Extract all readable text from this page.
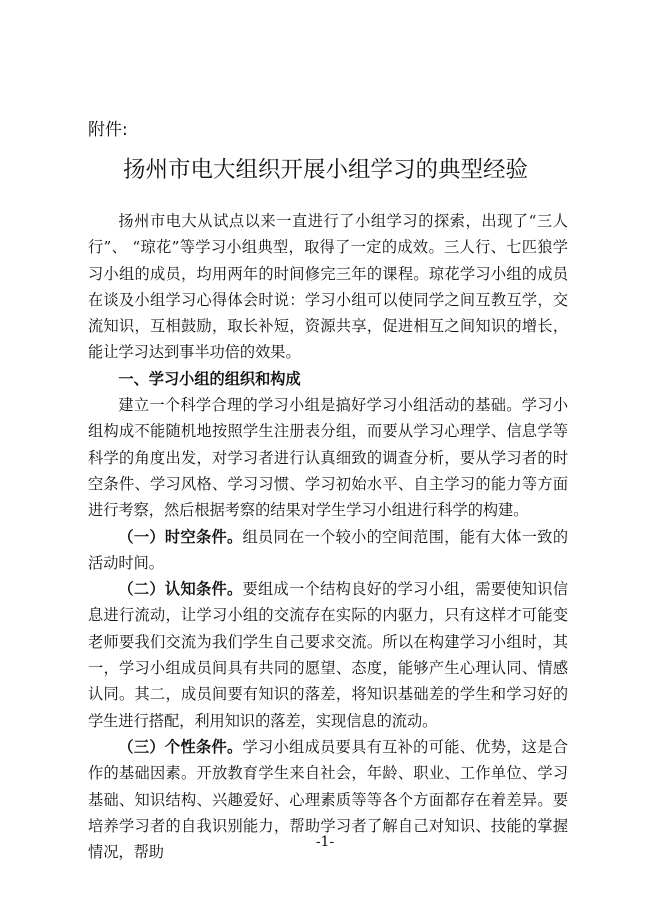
附件:
扬州市电大组织开展小组学习的典型经验

扬州市电大从试点以来一直进行了小组学习的探索，出现了“三人行”、 “琼花”等学习小组典型，取得了一定的成效。三人行、七匹狼学习小组的成员，均用两年的时间修完三年的课程。琼花学习小组的成员在谈及小组学习心得体会时说：学习小组可以使同学之间互教互学，交流知识，互相鼓励，取长补短，资源共享，促进相互之间知识的增长，能让学习达到事半功倍的效果。

一、学习小组的组织和构成

建立一个科学合理的学习小组是搞好学习小组活动的基础。学习小组构成不能随机地按照学生注册表分组，而要从学习心理学、信息学等科学的角度出发，对学习者进行认真细致的调查分析，要从学习者的时空条件、学习风格、学习习惯、学习初始水平、自主学习的能力等方面进行考察，然后根据考察的结果对学生学习小组进行科学的构建。

（一）时空条件。组员同在一个较小的空间范围，能有大体一致的活动时间。

（二）认知条件。要组成一个结构良好的学习小组，需要使知识信息进行流动，让学习小组的交流存在实际的内驱力，只有这样才可能变老师要我们交流为我们学生自己要求交流。所以在构建学习小组时，其一，学习小组成员间具有共同的愿望、态度，能够产生心理认同、情感认同。其二，成员间要有知识的落差，将知识基础差的学生和学习好的学生进行搭配，利用知识的落差，实现信息的流动。

（三）个性条件。学习小组成员要具有互补的可能、优势，这是合作的基础因素。开放教育学生来自社会，年龄、职业、工作单位、学习基础、知识结构、兴趣爱好、心理素质等等各个方面都存在着差异。要培养学习者的自我识别能力，帮助学习者了解自己对知识、技能的掌握情况，帮助

-1-
